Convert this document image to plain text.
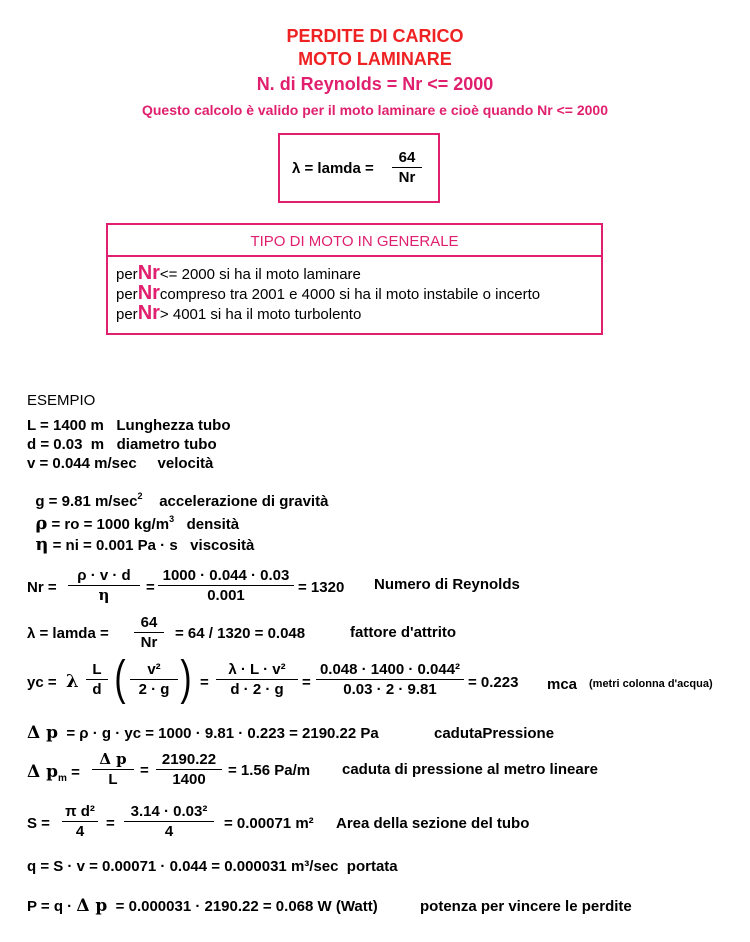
PERDITE DI CARICO
MOTO LAMINARE
N. di Reynolds = Nr <= 2000
Questo calcolo è valido per il moto laminare e cioè quando Nr <= 2000
λ = lamda =
64
Nr
TIPO DI MOTO IN GENERALE
perNr<= 2000 si ha il moto laminare
perNrcompreso tra 2001 e 4000 si ha il moto instabile o incerto
perNr> 4001 si ha il moto turbolento
ESEMPIO
L = 1400 m   Lunghezza tubo
d = 0.03  m   diametro tubo
v = 0.044 m/sec     velocità

g = 9.81 $m/\sec^2$ accelerazione di gravità

ρ = ro = 1000 $kg/m^3$ densità

η = ni = 0.001 Pa · s   viscosità

Nr =
ρ · v · d
η	=
1000 · 0.044 · 0.03
0.001	= 1320 Numero di Reynolds
λ = lamda =
64
Nr
= 64 / 1320 = 0.048	fattore d'attrito
yc = λ
L
d (	v²
2 · g ) =
λ · L · v²
d · 2 · g	=
0.048 · 1400 · 0.044²
0.03 · 2 · 9.81	= 0.223 mca (metri colonna d'acqua)
Δ p = ρ · g · yc = 1000 · 9.81 · 0.223 = 2190.22 Pa	cadutaPressione
Δ $p_m$ =
Δ p
L
=
2190.22
1400
= 1.56 Pa/m caduta di pressione al metro lineare
S =
π d²
4	=
3.14 · 0.03²
4	= 0.00071 m² Area della sezione del tubo
q = S · v = 0.00071 · 0.044 = 0.000031 m³/sec  portata
P = q · Δ p = 0.000031 · 2190.22 = 0.068 W (Watt)	potenza per vincere le perdite
